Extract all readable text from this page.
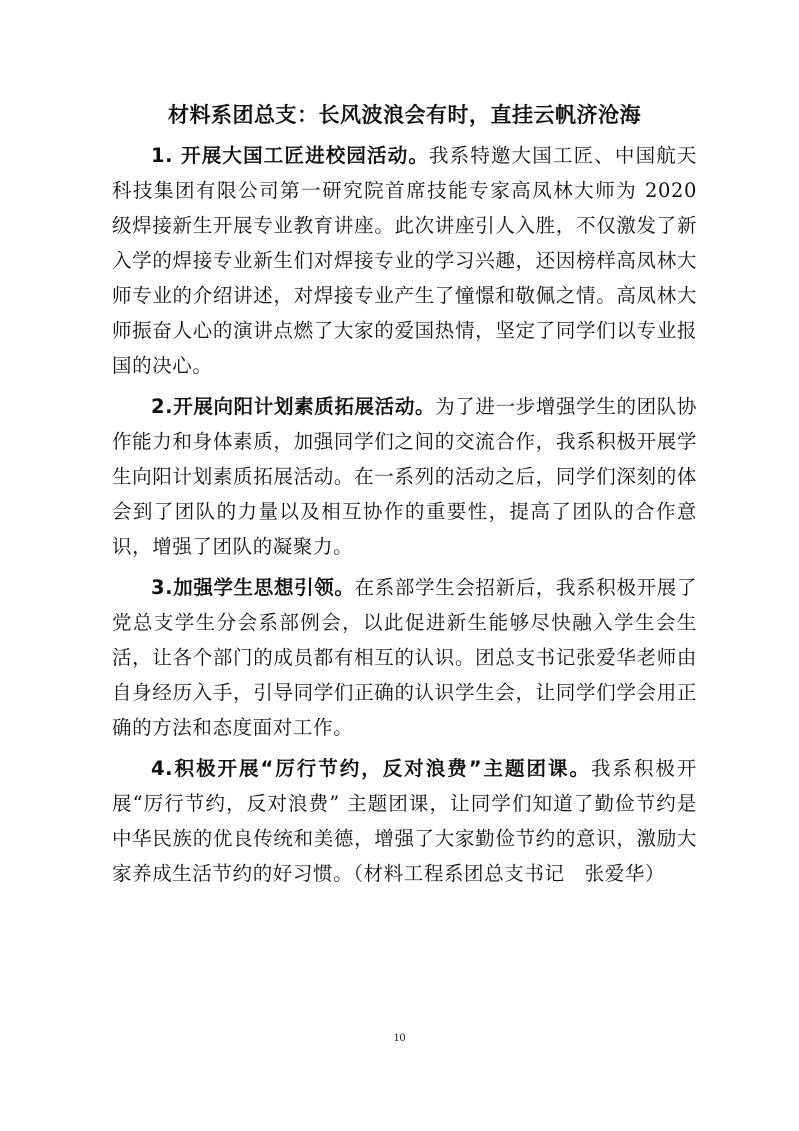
材料系团总支：长风波浪会有时，直挂云帆济沧海

1. 开展大国工匠进校园活动。我系特邀大国工匠、中国航天科技集团有限公司第一研究院首席技能专家高凤林大师为 2020 级焊接新生开展专业教育讲座。此次讲座引人入胜，不仅激发了新入学的焊接专业新生们对焊接专业的学习兴趣，还因榜样高凤林大师专业的介绍讲述，对焊接专业产生了憧憬和敬佩之情。高凤林大师振奋人心的演讲点燃了大家的爱国热情，坚定了同学们以专业报国的决心。

2.开展向阳计划素质拓展活动。为了进一步增强学生的团队协作能力和身体素质，加强同学们之间的交流合作，我系积极开展学生向阳计划素质拓展活动。在一系列的活动之后，同学们深刻的体会到了团队的力量以及相互协作的重要性，提高了团队的合作意识，增强了团队的凝聚力。

3.加强学生思想引领。在系部学生会招新后，我系积极开展了党总支学生分会系部例会，以此促进新生能够尽快融入学生会生活，让各个部门的成员都有相互的认识。团总支书记张爱华老师由自身经历入手，引导同学们正确的认识学生会，让同学们学会用正确的方法和态度面对工作。

4.积极开展“厉行节约，反对浪费”主题团课。我系积极开展“厉行节约，反对浪费” 主题团课，让同学们知道了勤俭节约是中华民族的优良传统和美德，增强了大家勤俭节约的意识，激励大家养成生活节约的好习惯。（材料工程系团总支书记　张爱华）

10
